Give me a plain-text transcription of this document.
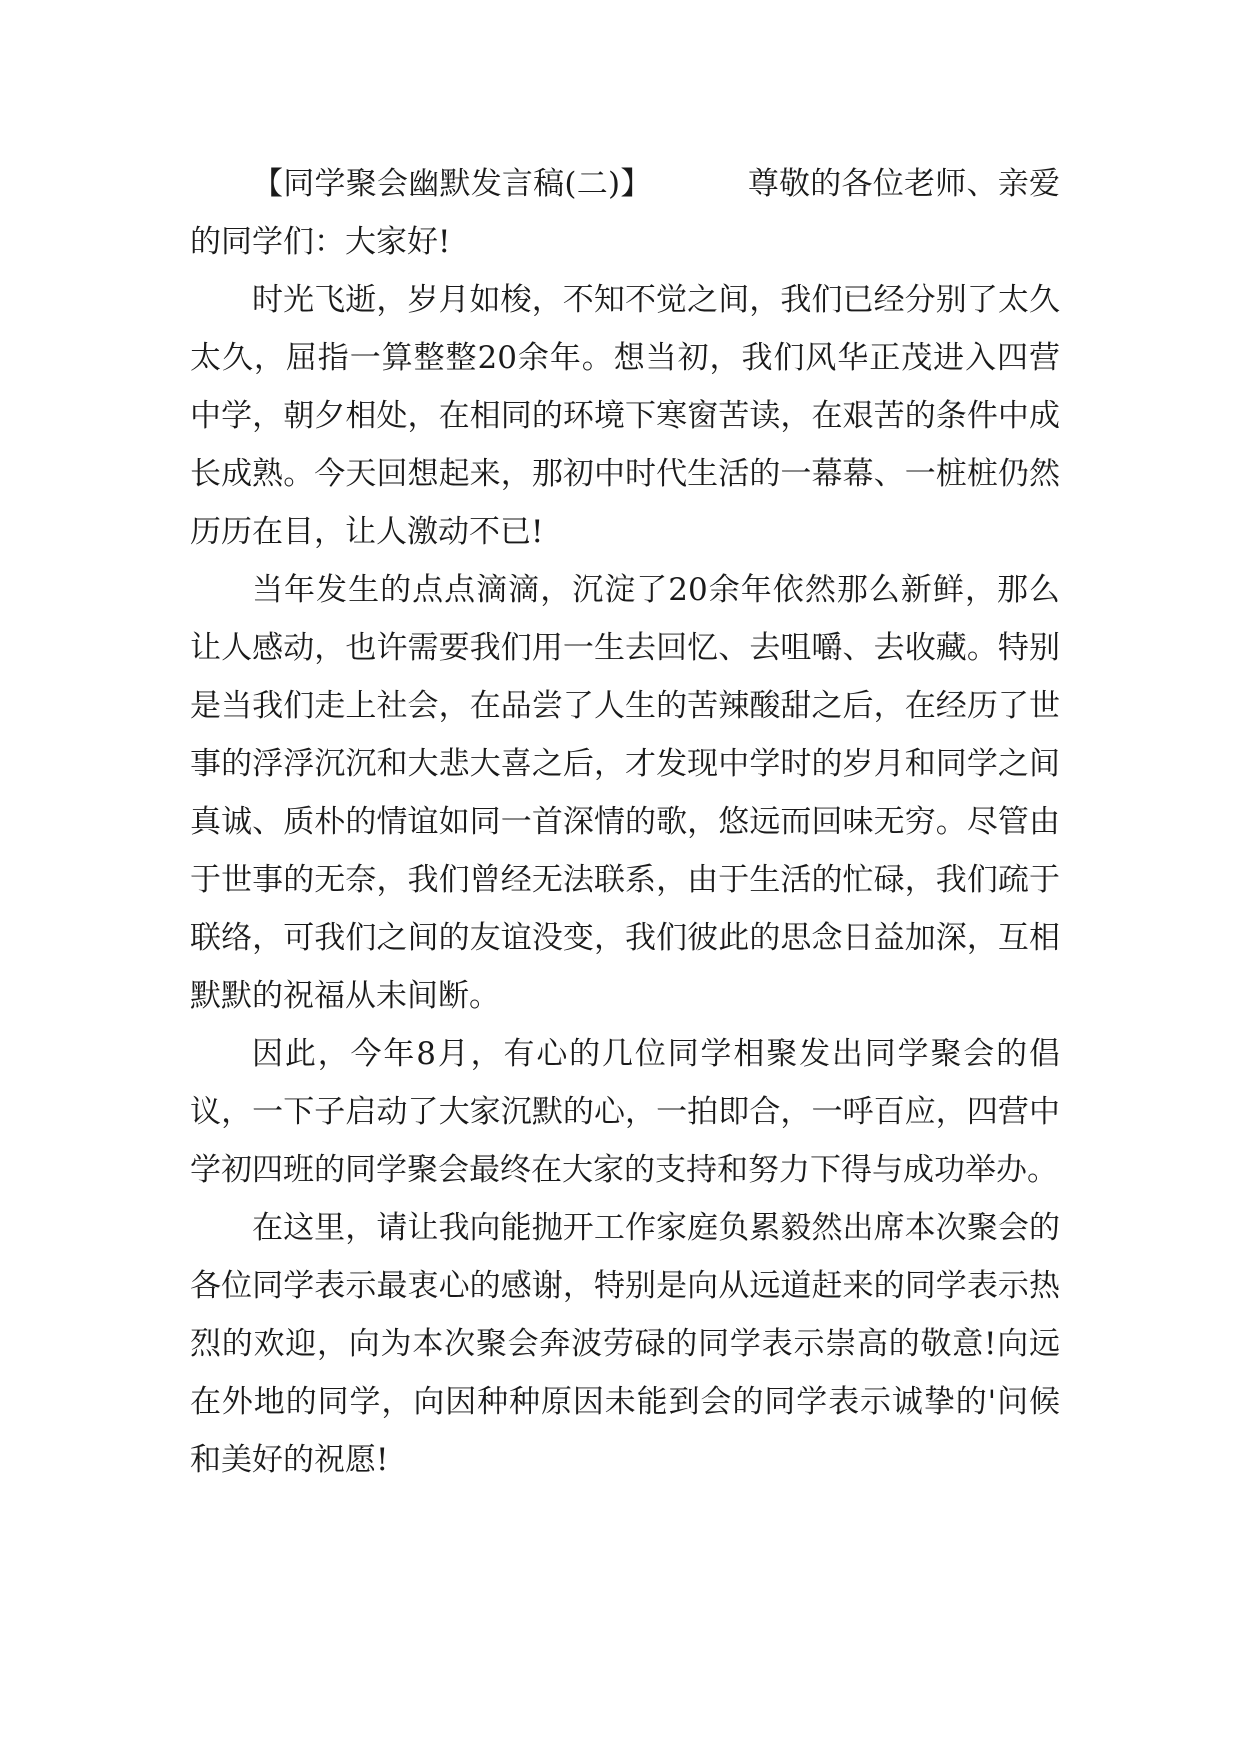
【同学聚会幽默发言稿(二)】	尊敬的各位老师、亲爱的同学们：大家好!

时光飞逝，岁月如梭，不知不觉之间，我们已经分别了太久太久，屈指一算整整20余年。想当初，我们风华正茂进入四营中学，朝夕相处，在相同的环境下寒窗苦读，在艰苦的条件中成长成熟。今天回想起来，那初中时代生活的一幕幕、一桩桩仍然历历在目，让人激动不已!

当年发生的点点滴滴，沉淀了20余年依然那么新鲜，那么让人感动，也许需要我们用一生去回忆、去咀嚼、去收藏。特别是当我们走上社会，在品尝了人生的苦辣酸甜之后，在经历了世事的浮浮沉沉和大悲大喜之后，才发现中学时的岁月和同学之间真诚、质朴的情谊如同一首深情的歌，悠远而回味无穷。尽管由于世事的无奈，我们曾经无法联系，由于生活的忙碌，我们疏于联络，可我们之间的友谊没变，我们彼此的思念日益加深，互相默默的祝福从未间断。

因此，今年8月，有心的几位同学相聚发出同学聚会的倡议，一下子启动了大家沉默的心，一拍即合，一呼百应，四营中学初四班的同学聚会最终在大家的支持和努力下得与成功举办。

在这里，请让我向能抛开工作家庭负累毅然出席本次聚会的各位同学表示最衷心的感谢，特别是向从远道赶来的同学表示热烈的欢迎，向为本次聚会奔波劳碌的同学表示崇高的敬意!向远在外地的同学，向因种种原因未能到会的同学表示诚挚的'问候和美好的祝愿!
